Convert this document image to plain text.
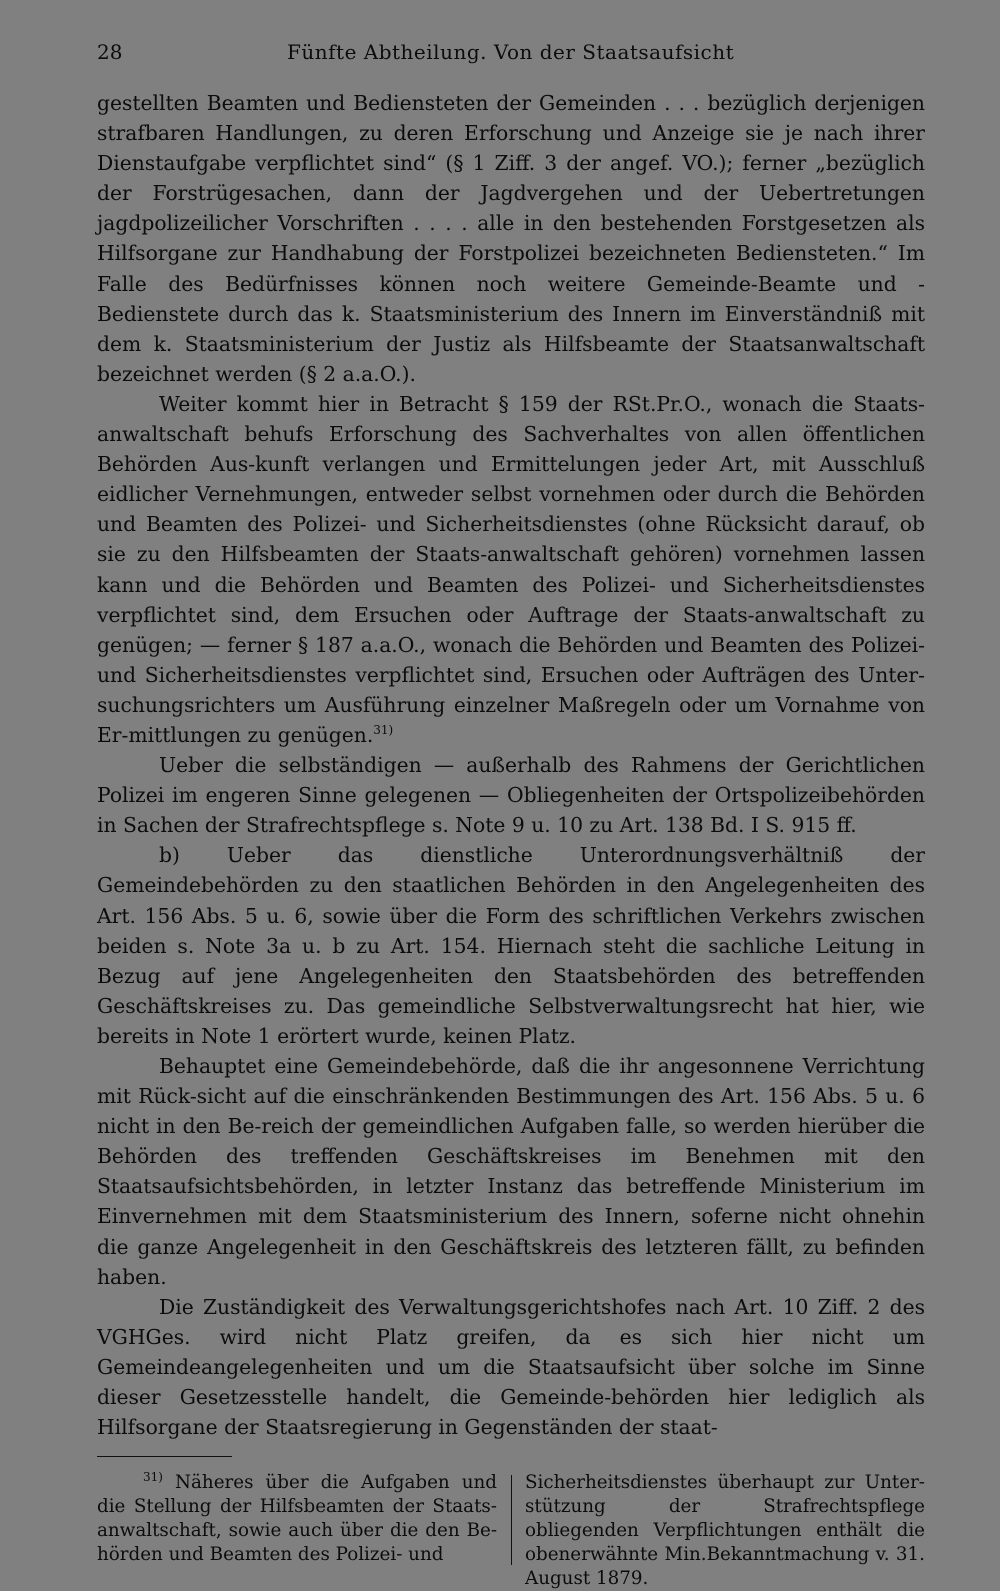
28	Fünfte Abtheilung. Von der Staatsaufsicht

gestellten Beamten und Bediensteten der Gemeinden . . . bezüglich derjenigen strafbaren Handlungen, zu deren Erforschung und Anzeige sie je nach ihrer Dienstaufgabe verpflichtet sind“ (§ 1 Ziff. 3 der angef. VO.); ferner „bezüglich der Forstrügesachen, dann der Jagdvergehen und der Uebertretungen jagdpolizeilicher Vorschriften . . . . alle in den bestehenden Forstgesetzen als Hilfsorgane zur Handhabung der Forstpolizei bezeichneten Bediensteten.“ Im Falle des Bedürfnisses können noch weitere Gemeinde-Beamte und -Bedienstete durch das k. Staatsministerium des Innern im Einverständniß mit dem k. Staatsministerium der Justiz als Hilfsbeamte der Staatsanwaltschaft bezeichnet werden (§ 2 a.a.O.).

Weiter kommt hier in Betracht § 159 der RSt.Pr.O., wonach die Staats-anwaltschaft behufs Erforschung des Sachverhaltes von allen öffentlichen Behörden Aus-kunft verlangen und Ermittelungen jeder Art, mit Ausschluß eidlicher Vernehmungen, entweder selbst vornehmen oder durch die Behörden und Beamten des Polizei- und Sicherheitsdienstes (ohne Rücksicht darauf, ob sie zu den Hilfsbeamten der Staats-anwaltschaft gehören) vornehmen lassen kann und die Behörden und Beamten des Polizei- und Sicherheitsdienstes verpflichtet sind, dem Ersuchen oder Auftrage der Staats-anwaltschaft zu genügen; — ferner § 187 a.a.O., wonach die Behörden und Beamten des Polizei- und Sicherheitsdienstes verpflichtet sind, Ersuchen oder Aufträgen des Unter-suchungsrichters um Ausführung einzelner Maßregeln oder um Vornahme von Er-mittlungen zu genügen.$^{31)}$

Ueber die selbständigen — außerhalb des Rahmens der Gerichtlichen Polizei im engeren Sinne gelegenen — Obliegenheiten der Ortspolizeibehörden in Sachen der Strafrechtspflege s. Note 9 u. 10 zu Art. 138 Bd. I S. 915 ff.

b) Ueber das dienstliche Unterordnungsverhältniß der Gemeindebehörden zu den staatlichen Behörden in den Angelegenheiten des Art. 156 Abs. 5 u. 6, sowie über die Form des schriftlichen Verkehrs zwischen beiden s. Note 3a u. b zu Art. 154. Hiernach steht die sachliche Leitung in Bezug auf jene Angelegenheiten den Staatsbehörden des betreffenden Geschäftskreises zu. Das gemeindliche Selbstverwaltungsrecht hat hier, wie bereits in Note 1 erörtert wurde, keinen Platz.

Behauptet eine Gemeindebehörde, daß die ihr angesonnene Verrichtung mit Rück-sicht auf die einschränkenden Bestimmungen des Art. 156 Abs. 5 u. 6 nicht in den Be-reich der gemeindlichen Aufgaben falle, so werden hierüber die Behörden des treffenden Geschäftskreises im Benehmen mit den Staatsaufsichtsbehörden, in letzter Instanz das betreffende Ministerium im Einvernehmen mit dem Staatsministerium des Innern, soferne nicht ohnehin die ganze Angelegenheit in den Geschäftskreis des letzteren fällt, zu befinden haben.

Die Zuständigkeit des Verwaltungsgerichtshofes nach Art. 10 Ziff. 2 des VGHGes. wird nicht Platz greifen, da es sich hier nicht um Gemeindeangelegenheiten und um die Staatsaufsicht über solche im Sinne dieser Gesetzesstelle handelt, die Gemeinde-behörden hier lediglich als Hilfsorgane der Staatsregierung in Gegenständen der staat-

$^{31)}$ Näheres über die Aufgaben und die Stellung der Hilfsbeamten der Staats-anwaltschaft, sowie auch über die den Be-hörden und Beamten des Polizei- und

Sicherheitsdienstes überhaupt zur Unter-stützung der Strafrechtspflege obliegenden Verpflichtungen enthält die obenerwähnte Min.Bekanntmachung v. 31. August 1879.
